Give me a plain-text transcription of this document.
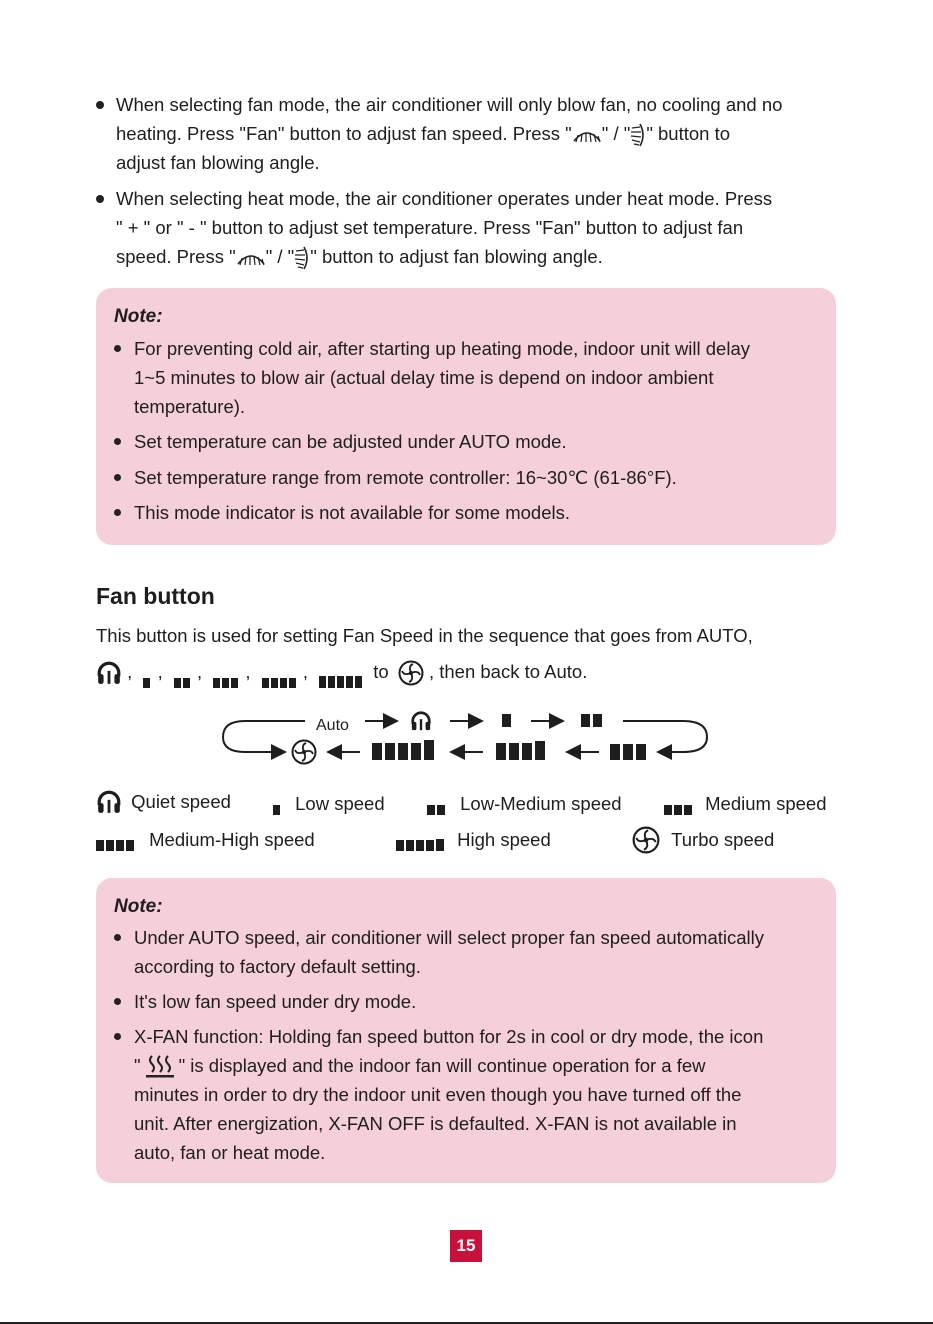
When selecting fan mode, the air conditioner will only blow fan, no cooling and no
heating. Press "Fan" button to adjust fan speed. Press " " / " " button to
adjust fan blowing angle.
When selecting heat mode, the air conditioner operates under heat mode. Press
" + " or " - " button to adjust set temperature. Press "Fan" button to adjust fan
speed. Press " " / " " button to adjust fan blowing angle.
Note:
For preventing cold air, after starting up heating mode, indoor unit will delay
1~5 minutes to blow air (actual delay time is depend on indoor ambient
temperature).
Set temperature can be adjusted under AUTO mode.
Set temperature range from remote controller: 16~30℃ (61-86°F).
This mode indicator is not available for some models.
Fan button
This button is used for setting Fan Speed in the sequence that goes from AUTO,
, , , ,	,	to , then back to Auto.
Auto
Quiet speed	Low speed	Low-Medium speed	Medium speed
Medium-High speed	High speed	Turbo speed
Note:
Under AUTO speed, air conditioner will select proper fan speed automatically
according to factory default setting.
It's low fan speed under dry mode.
X-FAN function: Holding fan speed button for 2s in cool or dry mode, the icon
" " is displayed and the indoor fan will continue operation for a few
minutes in order to dry the indoor unit even though you have turned off the
unit. After energization, X-FAN OFF is defaulted. X-FAN is not available in
auto, fan or heat mode.
15
